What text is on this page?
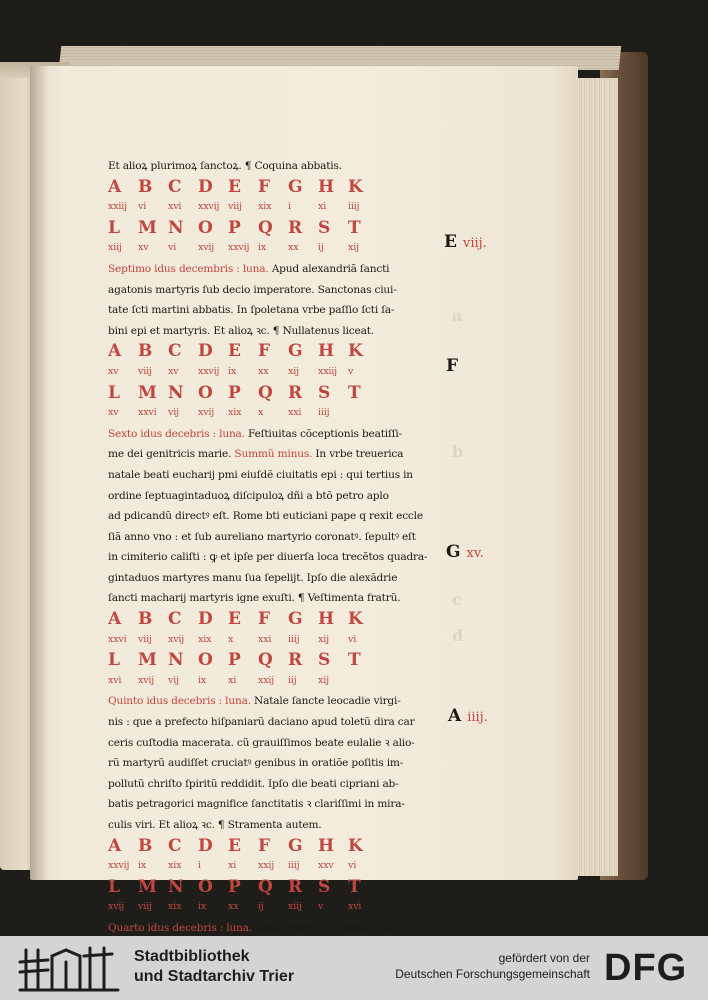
Et alioꝝ plurimoꝝ ſanctoꝝ. ¶ Coquina abbatis.
A B C D E	F	G H K
xxiij	vi	xvi	xxvij viij	xix	i	xi	iiij
L	M N O P	Q R S	T
xiij	xv	vi	xvij	xxvij ix	xx	ij	xij
Septimo idus decembris : luna. Apud alexandriã ſancti
agatonis martyris ſub decio imperatore. Sanctonas ciui-
tate ſcti martini abbatis. In ſpoletana vrbe paſſio ſcti ſa-
bini epi et martyris. Et alioꝝ ꝛc. ¶ Nullatenus liceat.
A B C D E	F	G H K
xv	viij	xv	xxvij ix	xx	xij	xxiij	v
L	M N O P	Q R S	T
xv	xxvi	vij	xvij	xix	x	xxi	iiij
Sexto idus decebris : luna. Feſtiuitas cõceptionis beatiſſi-
me dei genitricis marie. Summũ minus. In vrbe treuerica
natale beati eucharij pmi eiuſdẽ ciuitatis epi : qui tertius in
ordine ſeptuagintaduoꝝ diſcipuloꝝ dñi a btõ petro aplo
ad pdicandũ directꝰ eſt. Rome bti euticiani pape q rexit eccle
ſiã anno vno : et ſub aureliano martyrio coronatꝰ. ſepultꝰ eſt
in cimiterio caliſti : ꝙ et ipſe per diuerſa loca trecẽtos quadra-
gintaduos martyres manu ſua ſepelijt. Ipſo die alexãdrie
ſancti macharij martyris igne exuſti. ¶ Veſtimenta fratrũ.
A B C D E	F	G H K
xxvi	viij	xvij	xix	x	xxi	iiij	xij	vi
L	M N O P	Q R S	T
xvi	xvij	vij	ix	xi	xxij	iij	xij
Quinto idus decebris : luna. Natale ſancte leocadie virgi-
nis : que a prefecto hiſpaniarũ daciano apud toletũ dira car
ceris cuſtodia macerata. cũ grauiſſimos beate eulalie ꝛ alio-
rũ martyrũ audiſſet cruciatꝰ genibus in oratiõe poſitis im-
pollutũ chriſto ſpiritũ reddidit. Ipſo die beati cipriani ab-
batis petragorici magnifice ſanctitatis ꝛ clariſſimi in mira-
culis viri. Et alioꝝ ꝛc. ¶ Stramenta autem.
A B C D E	F	G H K
xxvij ix	xix	i	xi	xxij	iiij	xxv	vi
L	M N O P	Q R S	T
xvij	viij	xix	ix	xx	ij	xiij	v	xvi
Quarto idus decebris : luna. Apud emeritã hiſpanie ciui-
E viij.
F
G xv.
A iiij.
a
b
c
d
Stadtbibliothek
und Stadtarchiv Trier
gefördert von der
Deutschen Forschungsgemeinschaft DFG
